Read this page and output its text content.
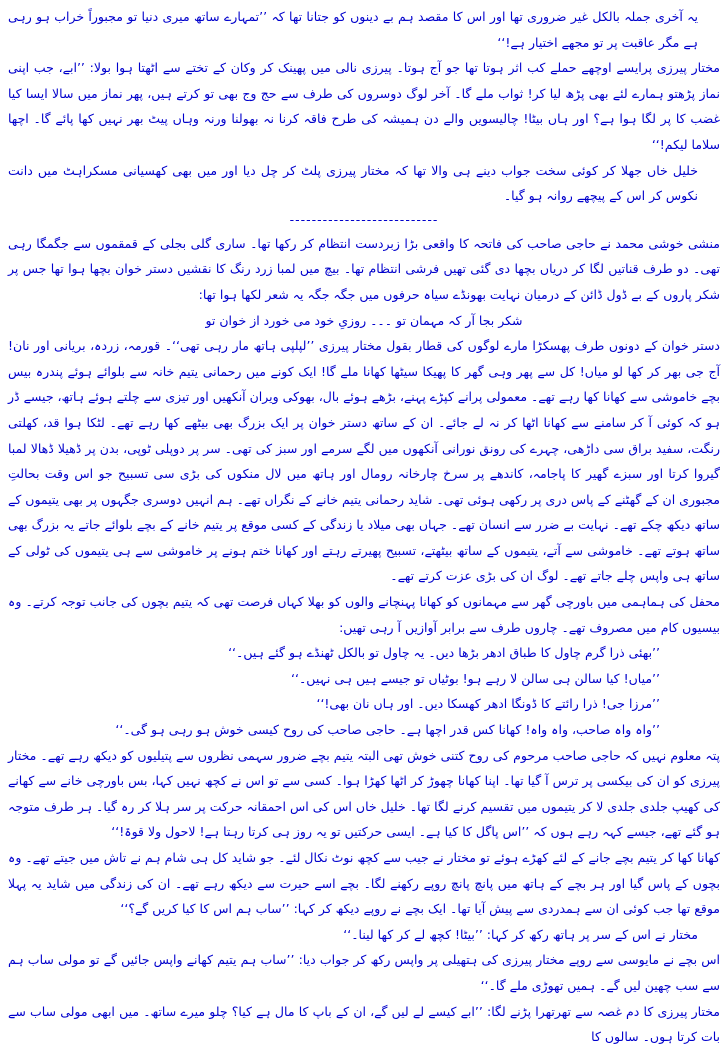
یہ آخری جملہ بالکل غیر ضروری تھا اور اس کا مقصد ہم بے دینوں کو جتانا تھا کہ ’’تمہارے ساتھ میری دنیا تو مجبوراً خراب ہو رہی ہے مگر عاقبت پر تو مجھے اختیار ہے!‘‘

مختار پیرزی پرایسے اوچھے حملے کب اثر ہوتا تھا جو آج ہوتا۔ پیرزی نالی میں پھینک کر وکان کے تختے سے اٹھتا ہوا بولا: ’’ابے، جب اپنی نماز پڑھتو ہمارے لئے بھی پڑھ لیا کر! ثواب ملے گا۔ آخر لوگ دوسروں کی طرف سے حج وج بھی تو کرتے ہیں، پھر نماز میں سالا ایسا کیا غضب کا پر لگا ہوا ہے؟ اور ہاں بیٹا! چالیسویں والے دن ہمیشہ کی طرح فاقہ کرنا نہ بھولنا ورنہ وہاں پیٹ بھر نہیں کھا پائے گا۔ اچھا سلاما لیکم!‘‘

خلیل خاں جھلا کر کوئی سخت جواب دینے ہی والا تھا کہ مختار پیرزی پلٹ کر چل دیا اور میں بھی کھسیانی مسکراہٹ میں دانت نکوس کر اس کے پیچھے روانہ ہو گیا۔

---------------------------

منشی خوشی محمد نے حاجی صاحب کی فاتحہ کا واقعی بڑا زبردست انتظام کر رکھا تھا۔ ساری گلی بجلی کے قمقموں سے جگمگا رہی تھی۔ دو طرف قناتیں لگا کر دریاں بچھا دی گئی تھیں فرشی انتظام تھا۔ بیچ میں لمبا زرد رنگ کا نقشیں دستر خوان بچھا ہوا تھا جس پر شکر پاروں کے بے ڈول ڈائن کے درمیان نہایت بھونڈے سیاہ حرفوں میں جگہ جگہ یہ شعر لکھا ہوا تھا:

شکر بجا آر کہ مہمان تو ۔۔۔ روزیِ خود می خورد از خوان تو

دستر خوان کے دونوں طرف پھسکڑا مارے لوگوں کی قطار بقول مختار پیرزی ’’لپلپی ہاتھ مار رہی تھی‘‘۔ قورمہ، زردہ، بریانی اور نان! آج جی بھر کر کھا لو میاں! کل سے پھر وہی گھر کا پھیکا سیٹھا کھانا ملے گا! ایک کونے میں رحمانی یتیم خانہ سے بلوائے ہوئے پندرہ بیس بچے خاموشی سے کھانا کھا رہے تھے۔ معمولی پرانے کپڑے پہنے، بڑھے ہوئے بال، بھوکی ویران آنکھیں اور تیزی سے چلتے ہوئے ہاتھ، جیسے ڈر ہو کہ کوئی آ کر سامنے سے کھانا اٹھا کر نہ لے جائے۔ ان کے ساتھ دستر خوان پر ایک بزرگ بھی بیٹھے کھا رہے تھے۔ لٹکا ہوا قد، کھلتی رنگت، سفید براق سی داڑھی، چہرے کی رونق نورانی آنکھوں میں لگے سرمے اور سبز کی تھی۔ سر پر دوپلی ٹوپی، بدن پر ڈھیلا ڈھالا لمبا گیروا کرتا اور سبزے گھیر کا پاجامہ، کاندھے پر سرخ چارخانہ رومال اور ہاتھ میں لال منکوں کی بڑی سی تسبیح جو اس وقت بحالتِ مجبوری ان کے گھٹنے کے پاس دری پر رکھی ہوئی تھی۔ شاید رحمانی یتیم خانے کے نگراں تھے۔ ہم انہیں دوسری جگہوں پر بھی یتیموں کے ساتھ دیکھ چکے تھے۔ نہایت بے ضرر سے انسان تھے۔ جہاں بھی میلاد یا زندگی کے کسی موقع پر یتیم خانے کے بچے بلوائے جاتے یہ بزرگ بھی ساتھ ہوتے تھے۔ خاموشی سے آتے، یتیموں کے ساتھ بیٹھتے، تسبیح پھیرتے رہتے اور کھانا ختم ہونے پر خاموشی سے ہی یتیموں کی ٹولی کے ساتھ ہی واپس چلے جاتے تھے۔ لوگ ان کی بڑی عزت کرتے تھے۔

محفل کی ہماہمی میں باورچی گھر سے مہمانوں کو کھانا پہنچانے والوں کو بھلا کہاں فرصت تھی کہ یتیم بچوں کی جانب توجہ کرتے۔ وہ بیسیوں کام میں مصروف تھے۔ چاروں طرف سے برابر آوازیں آ رہی تھیں:

’’بھئی ذرا گرم چاول کا طباق ادھر بڑھا دیں۔ یہ چاول تو بالکل ٹھنڈے ہو گئے ہیں۔‘‘

’’میاں! کیا سالن ہی سالن لا رہے ہو! بوٹیاں تو جیسے ہیں ہی نہیں۔‘‘

’’مرزا جی! ذرا رائتے کا ڈونگا ادھر کھسکا دیں۔ اور ہاں نان بھی!‘‘

’’واہ واہ صاحب، واہ واہ! کھانا کس قدر اچھا ہے۔ حاجی صاحب کی روح کیسی خوش ہو رہی ہو گی۔‘‘

پتہ معلوم نہیں کہ حاجی صاحب مرحوم کی روح کتنی خوش تھی البتہ یتیم بچے ضرور سہمی نظروں سے پتیلیوں کو دیکھ رہے تھے۔ مختار پیرزی کو ان کی بیکسی پر ترس آ گیا تھا۔ اپنا کھانا چھوڑ کر اٹھا کھڑا ہوا۔ کسی سے تو اس نے کچھ نہیں کہا، بس باورچی خانے سے کھانے کی کھیپ جلدی جلدی لا کر یتیموں میں تقسیم کرنے لگا تھا۔ خلیل خاں اس کی اس احمقانہ حرکت پر سر ہلا کر رہ گیا۔ ہر طرف متوجہ ہو گئے تھے، جیسے کہہ رہے ہوں کہ ’’اس پاگل کا کیا ہے۔ ایسی حرکتیں تو یہ روز ہی کرتا رہتا ہے! لاحول ولا قوۃ!‘‘

کھانا کھا کر یتیم بچے جانے کے لئے کھڑے ہوئے تو مختار نے جیب سے کچھ نوٹ نکال لئے۔ جو شاید کل ہی شام ہم نے تاش میں جیتے تھے۔ وہ بچوں کے پاس گیا اور ہر بچے کے ہاتھ میں پانچ پانچ روپے رکھنے لگا۔ بچے اسے حیرت سے دیکھ رہے تھے۔ ان کی زندگی میں شاید یہ پہلا موقع تھا جب کوئی ان سے ہمدردی سے پیش آیا تھا۔ ایک بچے نے روپے دیکھ کر کہا: ’’ساب ہم اس کا کیا کریں گے؟‘‘

مختار نے اس کے سر پر ہاتھ رکھ کر کہا: ’’بیٹا! کچھ لے کر کھا لینا۔‘‘

اس بچے نے مایوسی سے روپے مختار پیرزی کی ہتھیلی پر واپس رکھ کر جواب دیا: ’’ساب ہم یتیم کھانے واپس جائیں گے تو مولی ساب ہم سے سب چھین لیں گے۔ ہمیں تھوڑی ملے گا۔‘‘

مختار پیرزی کا دم غصہ سے تھرتھرا پڑنے لگا: ’’ابے کیسے لے لیں گے، ان کے باپ کا مال ہے کیا؟ چلو میرے ساتھ۔ میں ابھی مولی ساب سے بات کرتا ہوں۔ سالوں کا
